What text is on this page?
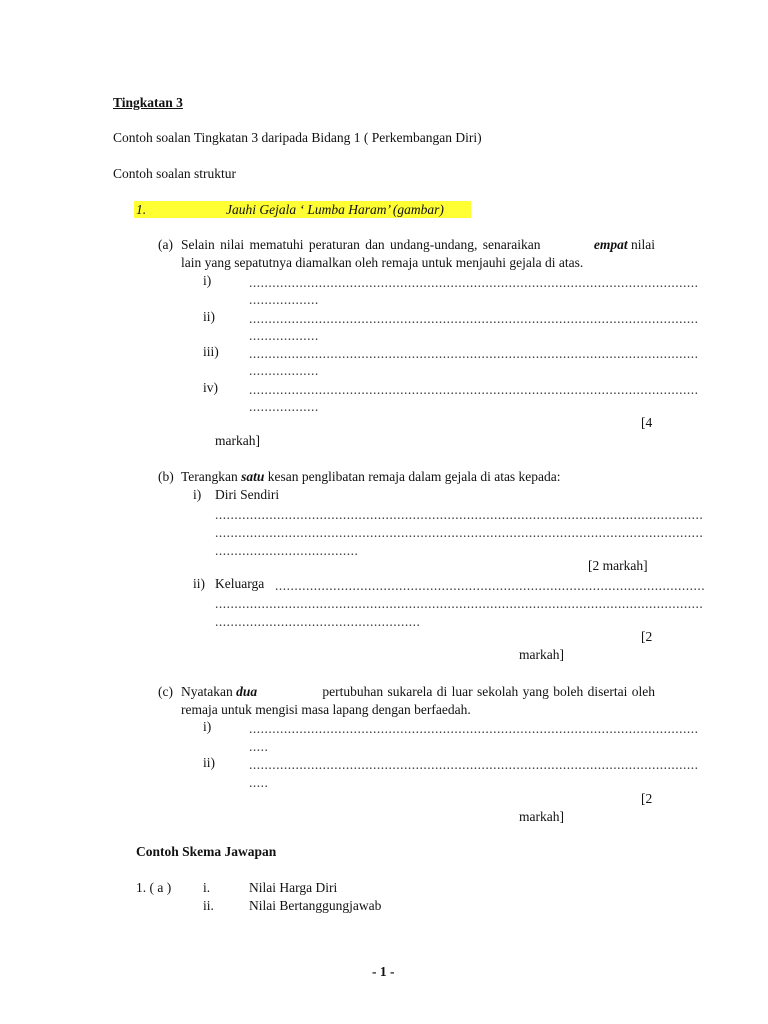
Tingkatan 3
Contoh soalan Tingkatan 3 daripada Bidang 1 ( Perkembangan Diri)
Contoh soalan struktur
1.	Jauhi Gejala ‘ Lumba Haram’ (gambar)
(a) Selain nilai mematuhi peraturan dan undang-undang, senaraikan	empat nilai
lain yang sepatutnya diamalkan oleh remaja untuk menjauhi gejala di atas.
i)	....................................................................................................................
..................
ii)	....................................................................................................................
..................
iii) ....................................................................................................................
..................
iv) ....................................................................................................................
..................
[4
markah]
(b) Terangkan satu kesan penglibatan remaja dalam gejala di atas kepada:
i) Diri Sendiri
..............................................................................................................................
..............................................................................................................................
.....................................
[2 markah]
ii) Keluarga ...............................................................................................................
..............................................................................................................................
.....................................................
[2
markah]
(c) Nyatakan dua	pertubuhan sukarela di luar sekolah yang boleh disertai oleh
remaja untuk mengisi masa lapang dengan berfaedah.
i)	....................................................................................................................
.....
ii)	....................................................................................................................
.....
[2
markah]
Contoh Skema Jawapan
1. ( a ) i.	Nilai Harga Diri
ii.	Nilai Bertanggungjawab
- 1 -
